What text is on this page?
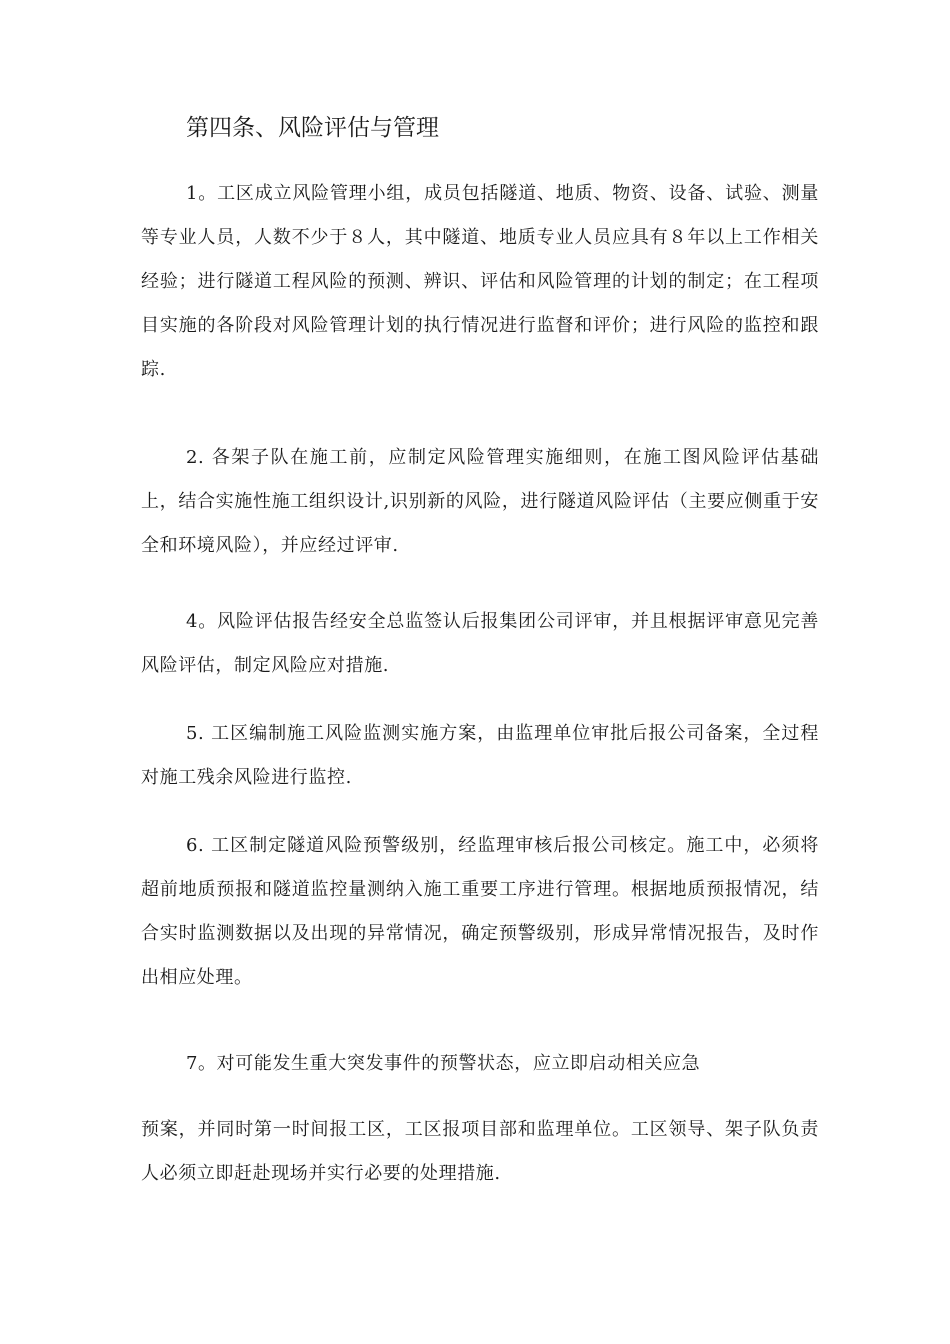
第四条、风险评估与管理

1。工区成立风险管理小组，成员包括隧道、地质、物资、设备、试验、测量等专业人员，人数不少于８人，其中隧道、地质专业人员应具有８年以上工作相关经验；进行隧道工程风险的预测、辨识、评估和风险管理的计划的制定；在工程项目实施的各阶段对风险管理计划的执行情况进行监督和评价；进行风险的监控和跟踪.

2. 各架子队在施工前，应制定风险管理实施细则，在施工图风险评估基础上，结合实施性施工组织设计,识别新的风险，进行隧道风险评估（主要应侧重于安全和环境风险），并应经过评审.

4。风险评估报告经安全总监签认后报集团公司评审，并且根据评审意见完善风险评估，制定风险应对措施.

5. 工区编制施工风险监测实施方案，由监理单位审批后报公司备案，全过程对施工残余风险进行监控.

6. 工区制定隧道风险预警级别，经监理审核后报公司核定。施工中，必须将超前地质预报和隧道监控量测纳入施工重要工序进行管理。根据地质预报情况，结合实时监测数据以及出现的异常情况，确定预警级别，形成异常情况报告，及时作出相应处理。

7。对可能发生重大突发事件的预警状态，应立即启动相关应急

预案，并同时第一时间报工区，工区报项目部和监理单位。工区领导、架子队负责人必须立即赶赴现场并实行必要的处理措施.
